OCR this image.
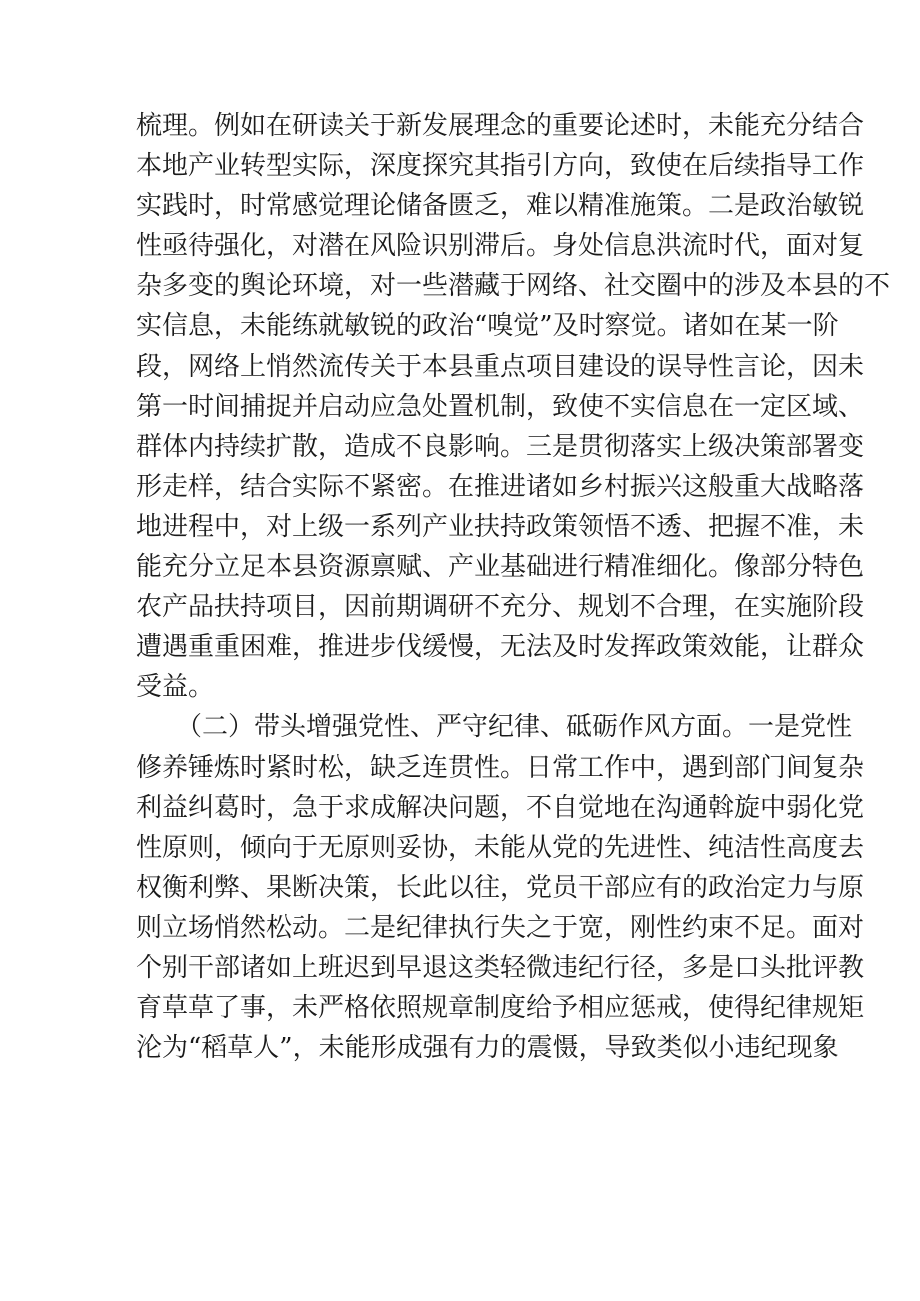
梳理。例如在研读关于新发展理念的重要论述时，未能充分结合
本地产业转型实际，深度探究其指引方向，致使在后续指导工作
实践时，时常感觉理论储备匮乏，难以精准施策。二是政治敏锐
性亟待强化，对潜在风险识别滞后。身处信息洪流时代，面对复
杂多变的舆论环境，对一些潜藏于网络、社交圈中的涉及本县的不
实信息，未能练就敏锐的政治“嗅觉”及时察觉。诸如在某一阶
段，网络上悄然流传关于本县重点项目建设的误导性言论，因未
第一时间捕捉并启动应急处置机制，致使不实信息在一定区域、
群体内持续扩散，造成不良影响。三是贯彻落实上级决策部署变
形走样，结合实际不紧密。在推进诸如乡村振兴这般重大战略落
地进程中，对上级一系列产业扶持政策领悟不透、把握不准，未
能充分立足本县资源禀赋、产业基础进行精准细化。像部分特色
农产品扶持项目，因前期调研不充分、规划不合理，在实施阶段
遭遇重重困难，推进步伐缓慢，无法及时发挥政策效能，让群众
受益。
（二）带头增强党性、严守纪律、砥砺作风方面。一是党性
修养锤炼时紧时松，缺乏连贯性。日常工作中，遇到部门间复杂
利益纠葛时，急于求成解决问题，不自觉地在沟通斡旋中弱化党
性原则，倾向于无原则妥协，未能从党的先进性、纯洁性高度去
权衡利弊、果断决策，长此以往，党员干部应有的政治定力与原
则立场悄然松动。二是纪律执行失之于宽，刚性约束不足。面对
个别干部诸如上班迟到早退这类轻微违纪行径，多是口头批评教
育草草了事，未严格依照规章制度给予相应惩戒，使得纪律规矩
沦为“稻草人”，未能形成强有力的震慑，导致类似小违纪现象
